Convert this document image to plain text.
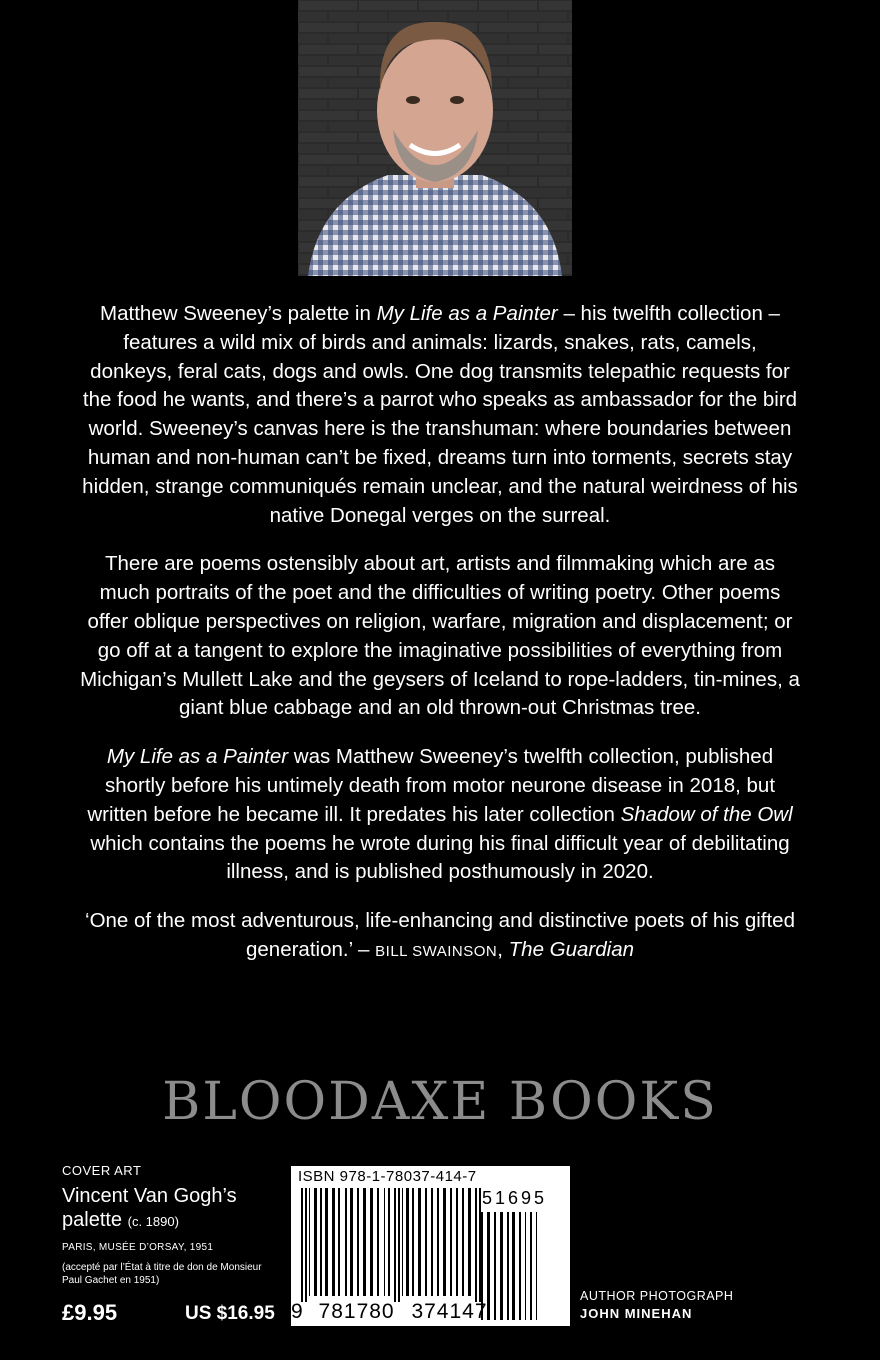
Matthew Sweeney’s palette in My Life as a Painter – his twelfth collection – features a wild mix of birds and animals: lizards, snakes, rats, camels, donkeys, feral cats, dogs and owls. One dog transmits telepathic requests for the food he wants, and there’s a parrot who speaks as ambassador for the bird world. Sweeney’s canvas here is the transhuman: where boundaries between human and non-human can’t be fixed, dreams turn into torments, secrets stay hidden, strange communiqués remain unclear, and the natural weirdness of his native Donegal verges on the surreal.

There are poems ostensibly about art, artists and filmmaking which are as much portraits of the poet and the difficulties of writing poetry. Other poems offer oblique perspectives on religion, warfare, migration and displacement; or go off at a tangent to explore the imaginative possibilities of everything from Michigan’s Mullett Lake and the geysers of Iceland to rope-ladders, tin-mines, a giant blue cabbage and an old thrown-out Christmas tree.

My Life as a Painter was Matthew Sweeney’s twelfth collection, published shortly before his untimely death from motor neurone disease in 2018, but written before he became ill. It predates his later collection Shadow of the Owl which contains the poems he wrote during his final difficult year of debilitating illness, and is published posthumously in 2020.

‘One of the most adventurous, life-enhancing and distinctive poets of his gifted generation.’ – BILL SWAINSON, The Guardian

BLOODAXE BOOKS
COVER ART
Vincent Van Gogh’s palette (c. 1890)
PARIS, MUSÉE D’ORSAY, 1951
(accepté par l’État à titre de don de Monsieur Paul Gachet en 1951)
£9.95	US $16.95
ISBN 978-1-78037-414-7
51695
9 781780 374147
AUTHOR PHOTOGRAPH
JOHN MINEHAN
